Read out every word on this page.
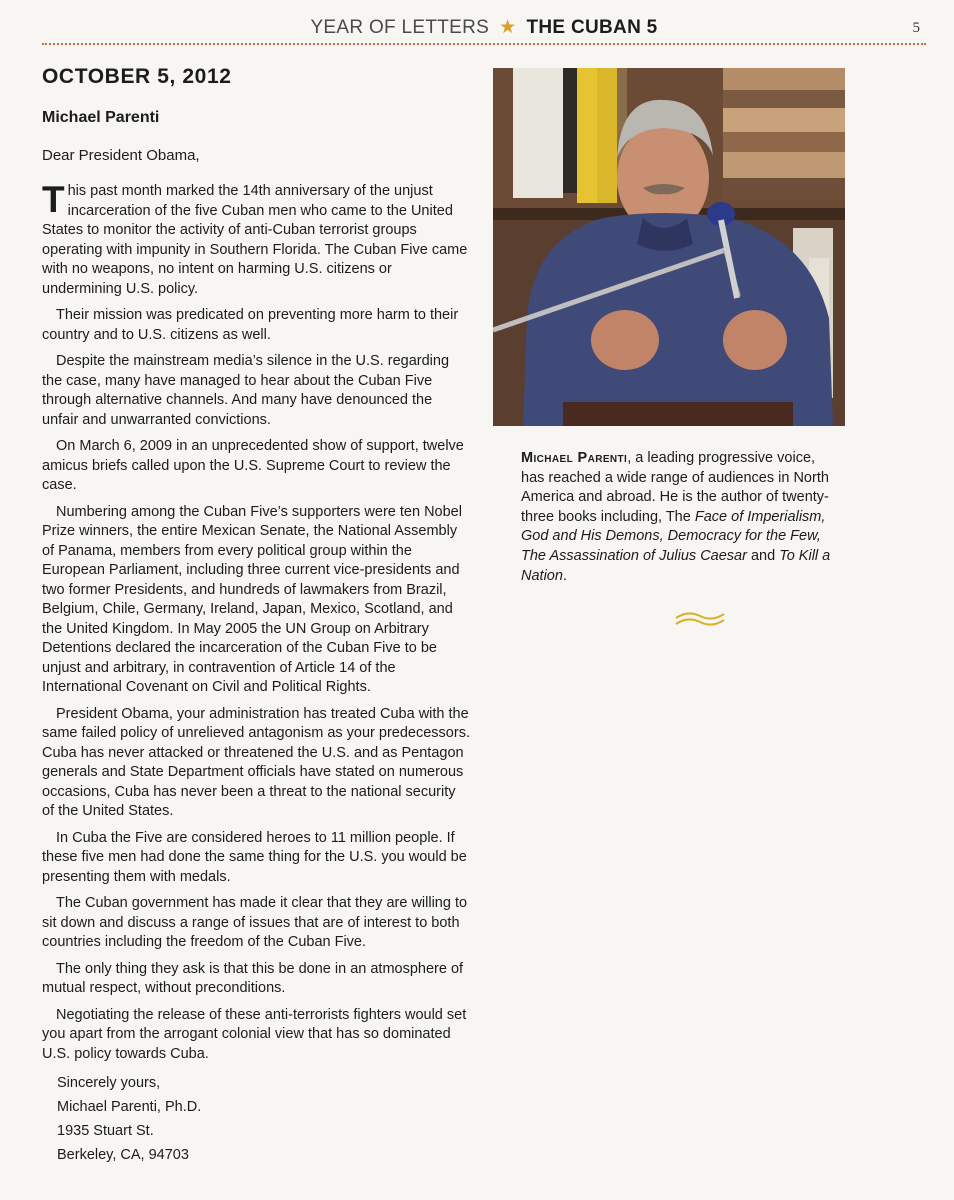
YEAR OF LETTERS ★ THE CUBAN 5	5
OCTOBER 5, 2012
Michael Parenti
Dear President Obama,

This past month marked the 14th anniversary of the unjust incarceration of the five Cuban men who came to the United States to monitor the activity of anti-Cuban terrorist groups operating with impunity in Southern Florida. The Cuban Five came with no weapons, no intent on harming U.S. citizens or undermining U.S. policy.

Their mission was predicated on preventing more harm to their country and to U.S. citizens as well.

Despite the mainstream media’s silence in the U.S. regarding the case, many have managed to hear about the Cuban Five through alternative channels. And many have denounced the unfair and unwarranted convictions.

On March 6, 2009 in an unprecedented show of support, twelve amicus briefs called upon the U.S. Supreme Court to review the case.

Numbering among the Cuban Five’s supporters were ten Nobel Prize winners, the entire Mexican Senate, the National Assembly of Panama, members from every political group within the European Parliament, including three current vice-presidents and two former Presidents, and hundreds of lawmakers from Brazil, Belgium, Chile, Germany, Ireland, Japan, Mexico, Scotland, and the United Kingdom. In May 2005 the UN Group on Arbitrary Detentions declared the incarceration of the Cuban Five to be unjust and arbitrary, in contravention of Article 14 of the International Covenant on Civil and Political Rights.

President Obama, your administration has treated Cuba with the same failed policy of unrelieved antagonism as your predecessors. Cuba has never attacked or threatened the U.S. and as Pentagon generals and State Department officials have stated on numerous occasions, Cuba has never been a threat to the national security of the United States.

In Cuba the Five are considered heroes to 11 million people. If these five men had done the same thing for the U.S. you would be presenting them with medals.

The Cuban government has made it clear that they are willing to sit down and discuss a range of issues that are of interest to both countries including the freedom of the Cuban Five.

The only thing they ask is that this be done in an atmosphere of mutual respect, without preconditions.

Negotiating the release of these anti-terrorists fighters would set you apart from the arrogant colonial view that has so dominated U.S. policy towards Cuba.

Sincerely yours,
Michael Parenti, Ph.D.
1935 Stuart St.
Berkeley, CA, 94703
Michael Parenti, a leading progressive voice, has reached a wide range of audiences in North America and abroad. He is the author of twenty-three books including, The Face of Imperialism, God and His Demons, Democracy for the Few, The Assassination of Julius Caesar and To Kill a Nation.
